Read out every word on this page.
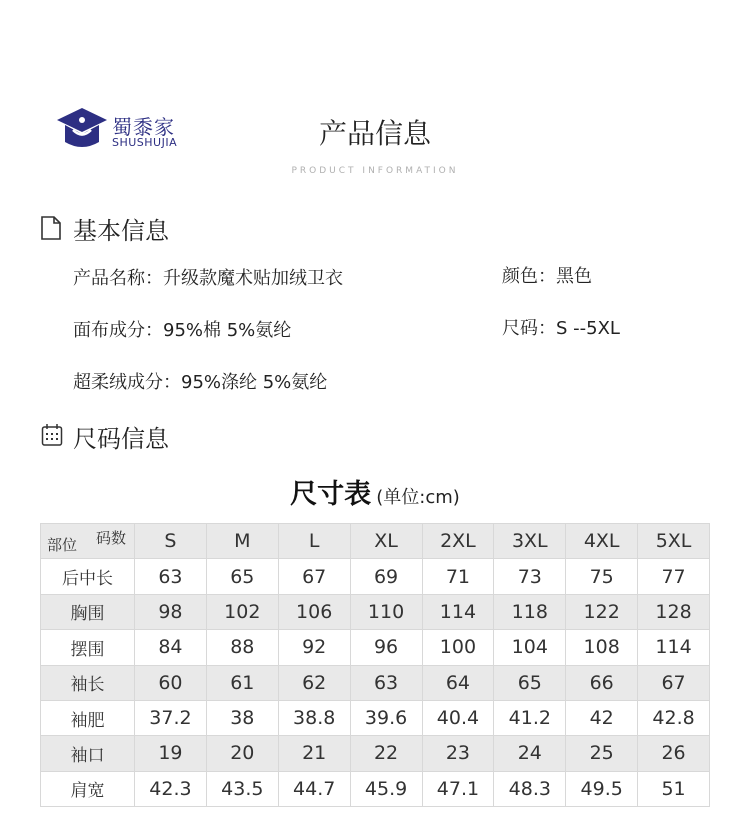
蜀黍家
SHUSHUJIA	产品信息
PRODUCT INFORMATION
基本信息
产品名称：升级款魔术贴加绒卫衣	颜色：黑色
面布成分：95%棉 5%氨纶	尺码：S --5XL
超柔绒成分：95%涤纶 5%氨纶
尺码信息
尺寸表 (单位:cm)
码数
部位	S	M	L	XL	2XL	3XL	4XL	5XL
后中长	63	65	67	69	71	73	75	77
胸围	98	102	106	110	114	118	122	128
摆围	84	88	92	96	100	104	108	114
袖长	60	61	62	63	64	65	66	67
袖肥	37.2	38	38.8	39.6	40.4	41.2	42	42.8
袖口	19	20	21	22	23	24	25	26
肩宽	42.3	43.5	44.7	45.9	47.1	48.3	49.5	51
